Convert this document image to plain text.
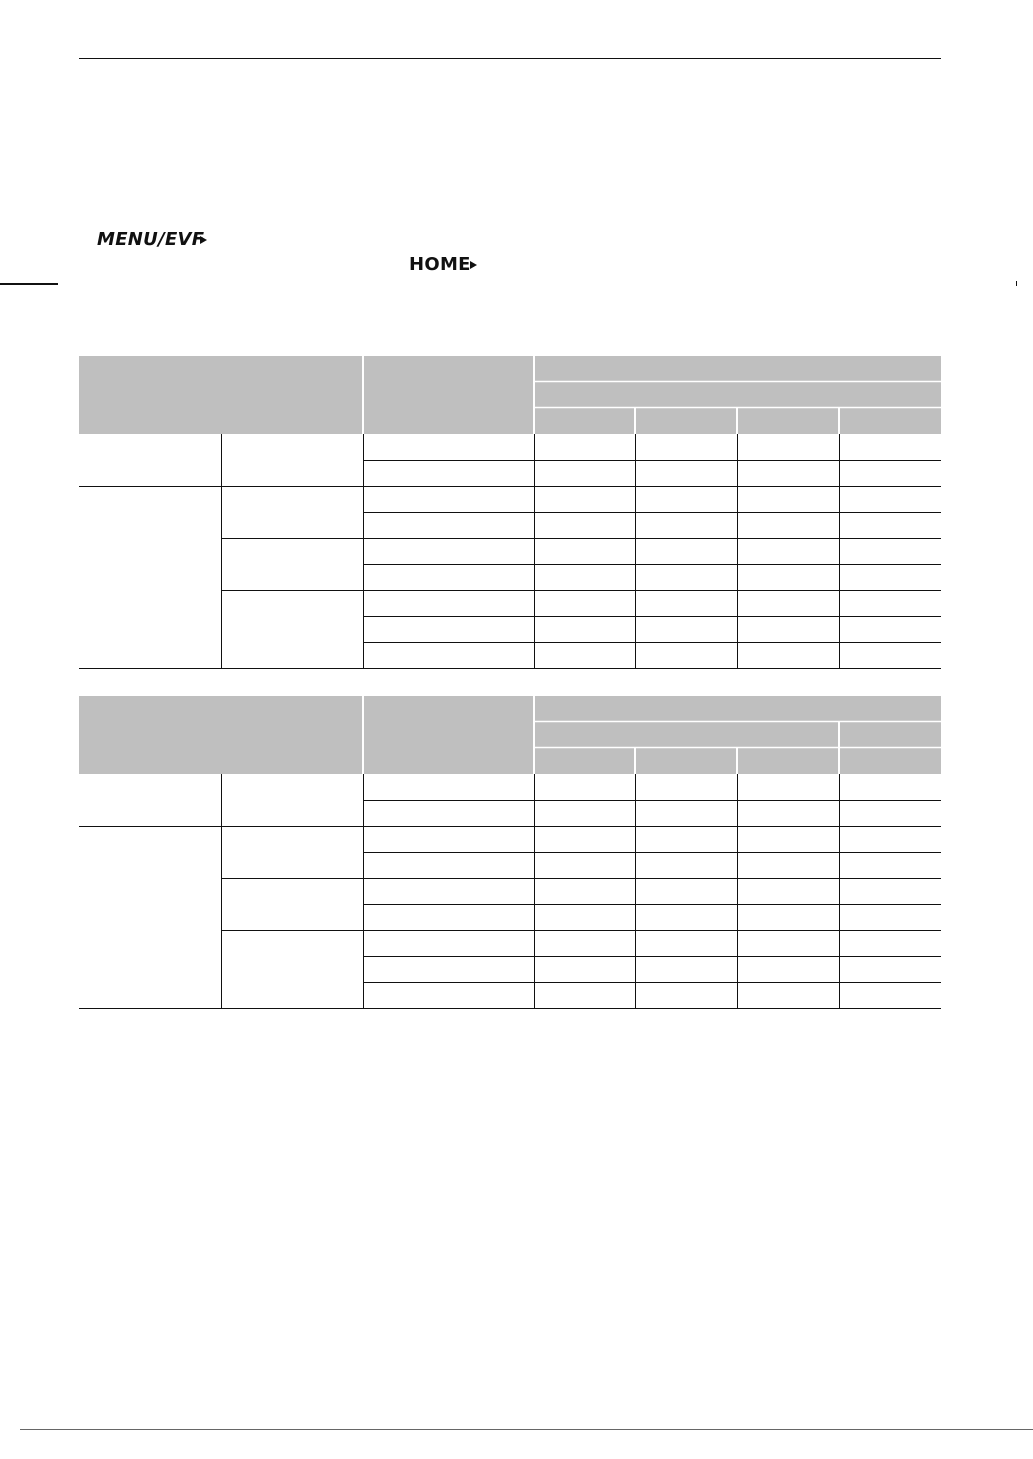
MENU/EVF
HOME
